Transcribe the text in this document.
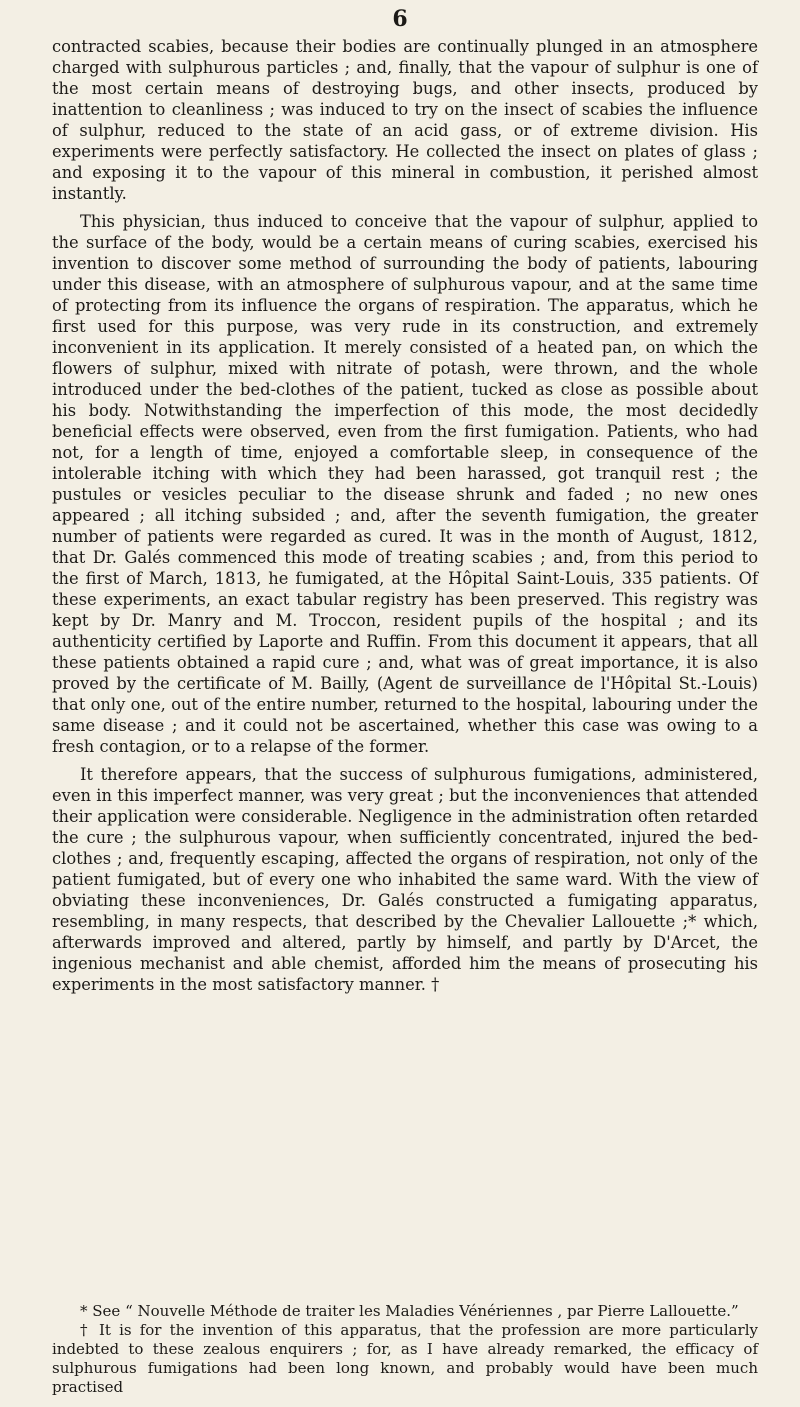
6

contracted scabies, because their bodies are continually plunged in an atmosphere charged with sulphurous particles ; and, finally, that the vapour of sulphur is one of the most certain means of destroying bugs, and other insects, produced by inattention to cleanliness ; was induced to try on the insect of scabies the influence of sulphur, reduced to the state of an acid gass, or of extreme division. His experiments were perfectly satisfactory. He collected the insect on plates of glass ; and exposing it to the vapour of this mineral in combustion, it perished almost instantly.

This physician, thus induced to conceive that the vapour of sulphur, applied to the surface of the body, would be a certain means of curing scabies, exercised his invention to discover some method of surrounding the body of patients, labouring under this disease, with an atmosphere of sulphurous vapour, and at the same time of protecting from its influence the organs of respiration. The apparatus, which he first used for this purpose, was very rude in its construction, and extremely inconvenient in its application. It merely consisted of a heated pan, on which the flowers of sulphur, mixed with nitrate of potash, were thrown, and the whole introduced under the bed-clothes of the patient, tucked as close as possible about his body. Notwithstanding the imperfection of this mode, the most decidedly beneficial effects were observed, even from the first fumigation. Patients, who had not, for a length of time, enjoyed a comfortable sleep, in consequence of the intolerable itching with which they had been harassed, got tranquil rest ; the pustules or vesicles peculiar to the disease shrunk and faded ; no new ones appeared ; all itching subsided ; and, after the seventh fumigation, the greater number of patients were regarded as cured. It was in the month of August, 1812, that Dr. Galés commenced this mode of treating scabies ; and, from this period to the first of March, 1813, he fumigated, at the Hôpital Saint-Louis, 335 patients. Of these experiments, an exact tabular registry has been preserved. This registry was kept by Dr. Manry and M. Troccon, resident pupils of the hospital ; and its authenticity certified by Laporte and Ruffin. From this document it appears, that all these patients obtained a rapid cure ; and, what was of great importance, it is also proved by the certificate of M. Bailly, (Agent de surveillance de l'Hôpital St.-Louis) that only one, out of the entire number, returned to the hospital, labouring under the same disease ; and it could not be ascertained, whether this case was owing to a fresh contagion, or to a relapse of the former.

It therefore appears, that the success of sulphurous fumigations, administered, even in this imperfect manner, was very great ; but the inconveniences that attended their application were considerable. Negligence in the administration often retarded the cure ; the sulphurous vapour, when sufficiently concentrated, injured the bed-clothes ; and, frequently escaping, affected the organs of respiration, not only of the patient fumigated, but of every one who inhabited the same ward. With the view of obviating these inconveniences, Dr. Galés constructed a fumigating apparatus, resembling, in many respects, that described by the Chevalier Lallouette ;* which, afterwards improved and altered, partly by himself, and partly by D'Arcet, the ingenious mechanist and able chemist, afforded him the means of prosecuting his experiments in the most satisfactory manner. †

* See “ Nouvelle Méthode de traiter les Maladies Vénériennes , par Pierre Lallouette.”

† It is for the invention of this apparatus, that the profession are more particularly indebted to these zealous enquirers ; for, as I have already remarked, the efficacy of sulphurous fumigations had been long known, and probably would have been much practised
